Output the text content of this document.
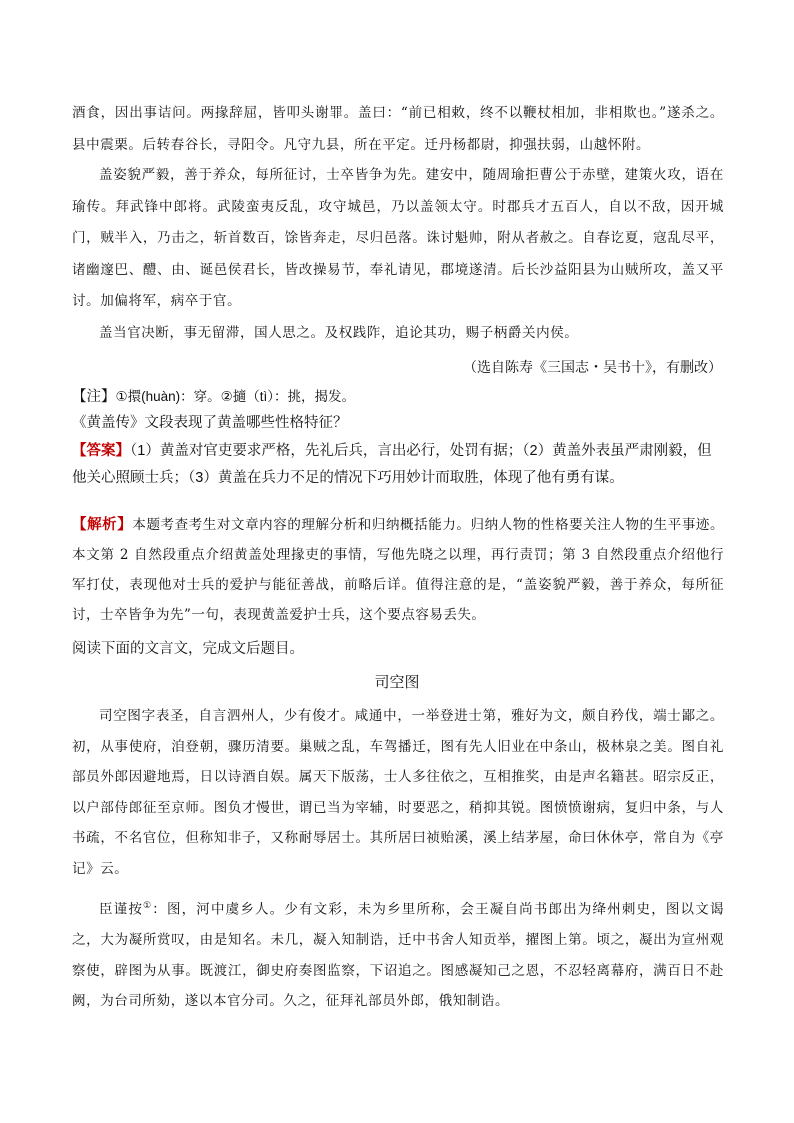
酒食，因出事诘问。两掾辞屈，皆叩头谢罪。盖曰：“前已相敕，终不以鞭杖相加，非相欺也。”遂杀之。县中震栗。后转春谷长，寻阳令。凡守九县，所在平定。迁丹杨都尉，抑强扶弱，山越怀附。

盖姿貌严毅，善于养众，每所征讨，士卒皆争为先。建安中，随周瑜拒曹公于赤壁，建策火攻，语在瑜传。拜武锋中郎将。武陵蛮夷反乱，攻守城邑，乃以盖领太守。时郡兵才五百人，自以不敌，因开城门，贼半入，乃击之，斩首数百，馀皆奔走，尽归邑落。诛讨魁帅，附从者赦之。自春讫夏，寇乱尽平，诸幽邃巴、醴、由、诞邑侯君长，皆改操易节，奉礼请见，郡境遂清。后长沙益阳县为山贼所攻，盖又平讨。加偏将军，病卒于官。

盖当官决断，事无留滞，国人思之。及权践阼，追论其功，赐子柄爵关内侯。

（选自陈寿《三国志・吴书十》，有删改）

【注】①擐(huàn)：穿。②擿（tì）：挑，揭发。

《黄盖传》文段表现了黄盖哪些性格特征？

【答案】（1）黄盖对官吏要求严格，先礼后兵，言出必行，处罚有据；（2）黄盖外表虽严肃刚毅，但他关心照顾士兵；（3）黄盖在兵力不足的情况下巧用妙计而取胜，体现了他有勇有谋。

【解析】本题考查考生对文章内容的理解分析和归纳概括能力。归纳人物的性格要关注人物的生平事迹。本文第 2 自然段重点介绍黄盖处理掾吏的事情，写他先晓之以理，再行责罚；第 3 自然段重点介绍他行军打仗，表现他对士兵的爱护与能征善战，前略后详。值得注意的是，“盖姿貌严毅，善于养众，每所征讨，士卒皆争为先”一句，表现黄盖爱护士兵，这个要点容易丢失。

阅读下面的文言文，完成文后题目。

司空图

司空图字表圣，自言泗州人，少有俊才。咸通中，一举登进士第，雅好为文，颇自矜伐，端士鄙之。初，从事使府，洎登朝，骤历清要。巢贼之乱，车驾播迁，图有先人旧业在中条山，极林泉之美。图自礼部员外郎因避地焉，日以诗酒自娱。属天下版荡，士人多往依之，互相推奖，由是声名籍甚。昭宗反正，以户部侍郎征至京师。图负才慢世，谓已当为宰辅，时要恶之，稍抑其锐。图愤愤谢病，复归中条，与人书疏，不名官位，但称知非子，又称耐辱居士。其所居曰祯贻溪，溪上结茅屋，命曰休休亭，常自为《亭记》云。

臣谨按①：图，河中虞乡人。少有文彩，未为乡里所称，会王凝自尚书郎出为绛州刺史，图以文谒之，大为凝所赏叹，由是知名。未几，凝入知制诰，迁中书舍人知贡举，擢图上第。顷之，凝出为宣州观察使，辟图为从事。既渡江，御史府奏图监察，下诏追之。图感凝知己之恩，不忍轻离幕府，满百日不赴阙，为台司所劾，遂以本官分司。久之，征拜礼部员外郎，俄知制诰。
